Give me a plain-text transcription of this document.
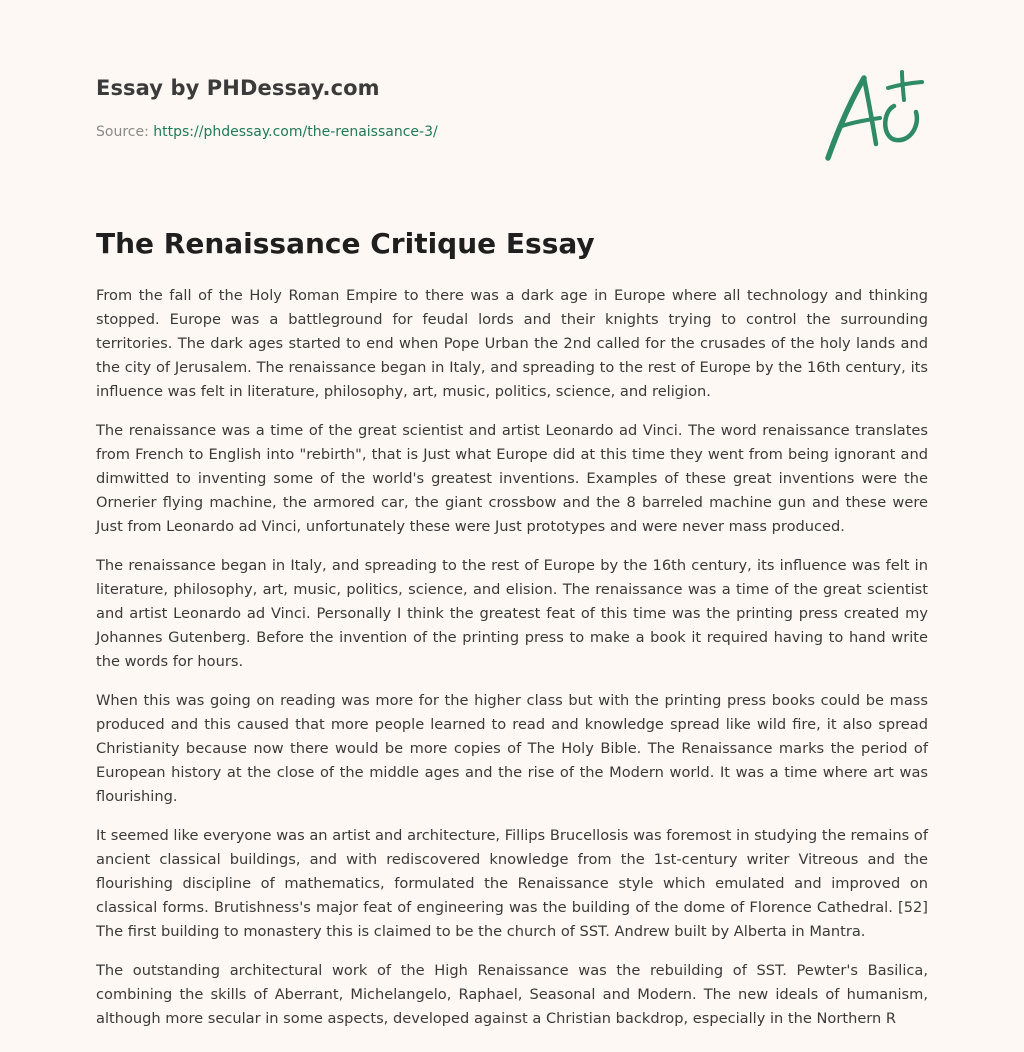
Essay by PHDessay.com
Source: https://phdessay.com/the-renaissance-3/
The Renaissance Critique Essay

From the fall of the Holy Roman Empire to there was a dark age in Europe where all technology and thinking stopped. Europe was a battleground for feudal lords and their knights trying to control the surrounding territories. The dark ages started to end when Pope Urban the 2nd called for the crusades of the holy lands and the city of Jerusalem. The renaissance began in Italy, and spreading to the rest of Europe by the 16th century, its influence was felt in literature, philosophy, art, music, politics, science, and religion.

The renaissance was a time of the great scientist and artist Leonardo ad Vinci. The word renaissance translates from French to English into "rebirth", that is Just what Europe did at this time they went from being ignorant and dimwitted to inventing some of the world's greatest inventions. Examples of these great inventions were the Ornerier flying machine, the armored car, the giant crossbow and the 8 barreled machine gun and these were Just from Leonardo ad Vinci, unfortunately these were Just prototypes and were never mass produced.

The renaissance began in Italy, and spreading to the rest of Europe by the 16th century, its influence was felt in literature, philosophy, art, music, politics, science, and elision. The renaissance was a time of the great scientist and artist Leonardo ad Vinci. Personally I think the greatest feat of this time was the printing press created my Johannes Gutenberg. Before the invention of the printing press to make a book it required having to hand write the words for hours.

When this was going on reading was more for the higher class but with the printing press books could be mass produced and this caused that more people learned to read and knowledge spread like wild fire, it also spread Christianity because now there would be more copies of The Holy Bible. The Renaissance marks the period of European history at the close of the middle ages and the rise of the Modern world. It was a time where art was flourishing.

It seemed like everyone was an artist and architecture, Fillips Brucellosis was foremost in studying the remains of ancient classical buildings, and with rediscovered knowledge from the 1st-century writer Vitreous and the flourishing discipline of mathematics, formulated the Renaissance style which emulated and improved on classical forms. Brutishness's major feat of engineering was the building of the dome of Florence Cathedral. [52] The first building to monastery this is claimed to be the church of SST. Andrew built by Alberta in Mantra.

The outstanding architectural work of the High Renaissance was the rebuilding of SST. Pewter's Basilica, combining the skills of Aberrant, Michelangelo, Raphael, Seasonal and Modern. The new ideals of humanism, although more secular in some aspects, developed against a Christian backdrop, especially in the Northern R
